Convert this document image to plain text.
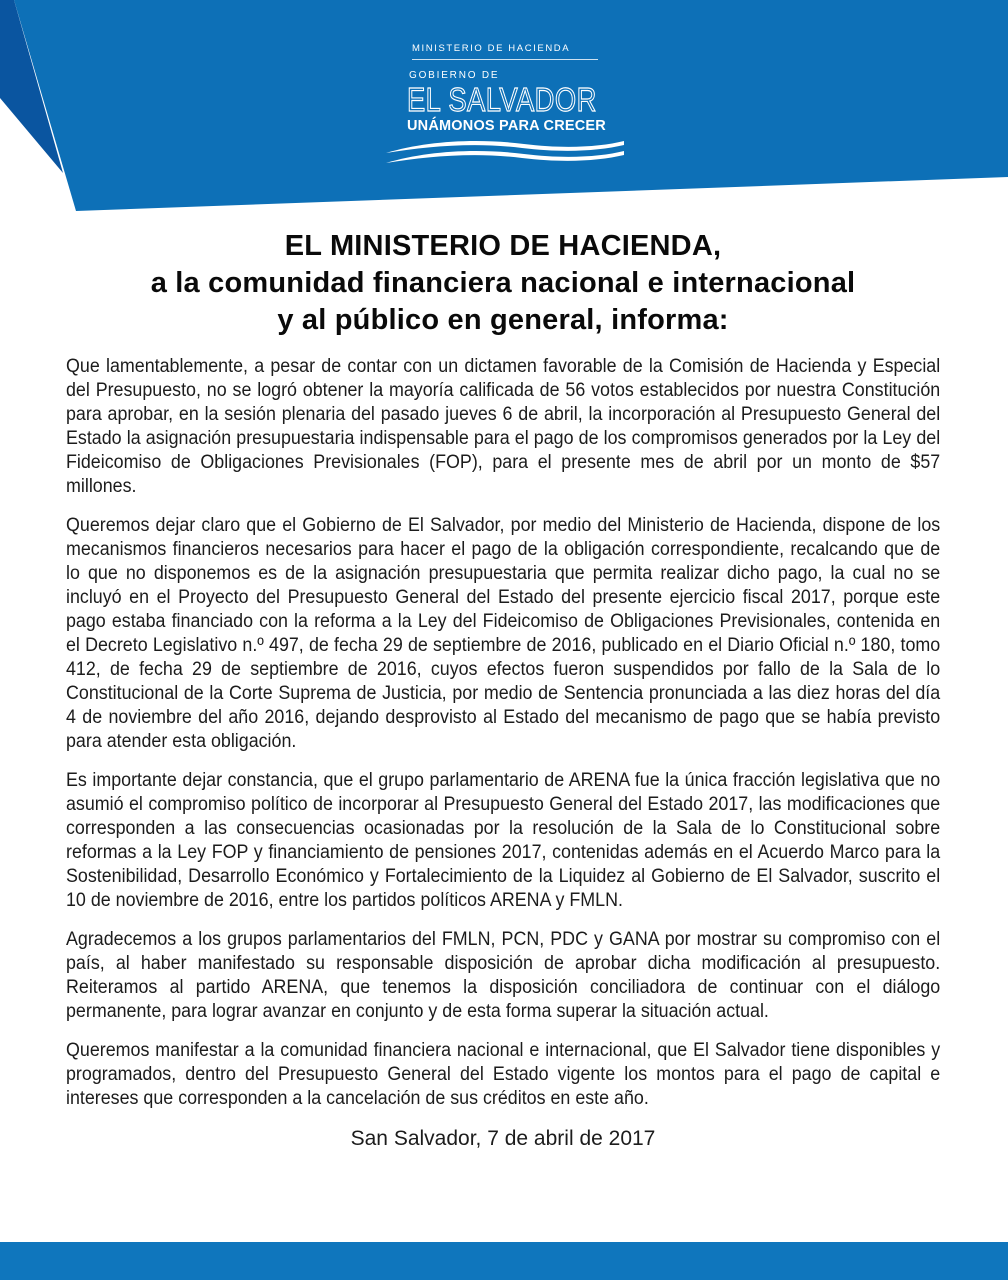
MINISTERIO DE HACIENDA
GOBIERNO DE
EL SALVADOR
UNÁMONOS PARA CRECER
EL MINISTERIO DE HACIENDA,
a la comunidad financiera nacional e internacional
y al público en general, informa:

Que lamentablemente, a pesar de contar con un dictamen favorable de la Comisión de Hacienda y Especial del Presupuesto, no se logró obtener la mayoría calificada de 56 votos establecidos por nuestra Constitución para aprobar, en la sesión plenaria del pasado jueves 6 de abril, la incorporación al Presupuesto General del Estado la asignación presupuestaria indispensable para el pago de los compromisos generados por la Ley del Fideicomiso de Obligaciones Previsionales (FOP), para el presente mes de abril por un monto de $57 millones.

Queremos dejar claro que el Gobierno de El Salvador, por medio del Ministerio de Hacienda, dispone de los mecanismos financieros necesarios para hacer el pago de la obligación correspondiente, recalcando que de lo que no disponemos es de la asignación presupuestaria que permita realizar dicho pago, la cual no se incluyó en el Proyecto del Presupuesto General del Estado del presente ejercicio fiscal 2017, porque este pago estaba financiado con la reforma a la Ley del Fideicomiso de Obligaciones Previsionales, contenida en el Decreto Legislativo n.º 497, de fecha 29 de septiembre de 2016, publicado en el Diario Oficial n.º 180, tomo 412, de fecha 29 de septiembre de 2016, cuyos efectos fueron suspendidos por fallo de la Sala de lo Constitucional de la Corte Suprema de Justicia, por medio de Sentencia pronunciada a las diez horas del día 4 de noviembre del año 2016, dejando desprovisto al Estado del mecanismo de pago que se había previsto para atender esta obligación.

Es importante dejar constancia, que el grupo parlamentario de ARENA fue la única fracción legislativa que no asumió el compromiso político de incorporar al Presupuesto General del Estado 2017, las modificaciones que corresponden a las consecuencias ocasionadas por la resolución de la Sala de lo Constitucional sobre reformas a la Ley FOP y financiamiento de pensiones 2017, contenidas además en el Acuerdo Marco para la Sostenibilidad, Desarrollo Económico y Fortalecimiento de la Liquidez al Gobierno de El Salvador, suscrito el 10 de noviembre de 2016, entre los partidos políticos ARENA y FMLN.

Agradecemos a los grupos parlamentarios del FMLN, PCN, PDC y GANA por mostrar su compromiso con el país, al haber manifestado su responsable disposición de aprobar dicha modificación al presupuesto. Reiteramos al partido ARENA, que tenemos la disposición conciliadora de continuar con el diálogo permanente, para lograr avanzar en conjunto y de esta forma superar la situación actual.

Queremos manifestar a la comunidad financiera nacional e internacional, que El Salvador tiene disponibles y programados, dentro del Presupuesto General del Estado vigente los montos para el pago de capital e intereses que corresponden a la cancelación de sus créditos en este año.

San Salvador, 7 de abril de 2017
